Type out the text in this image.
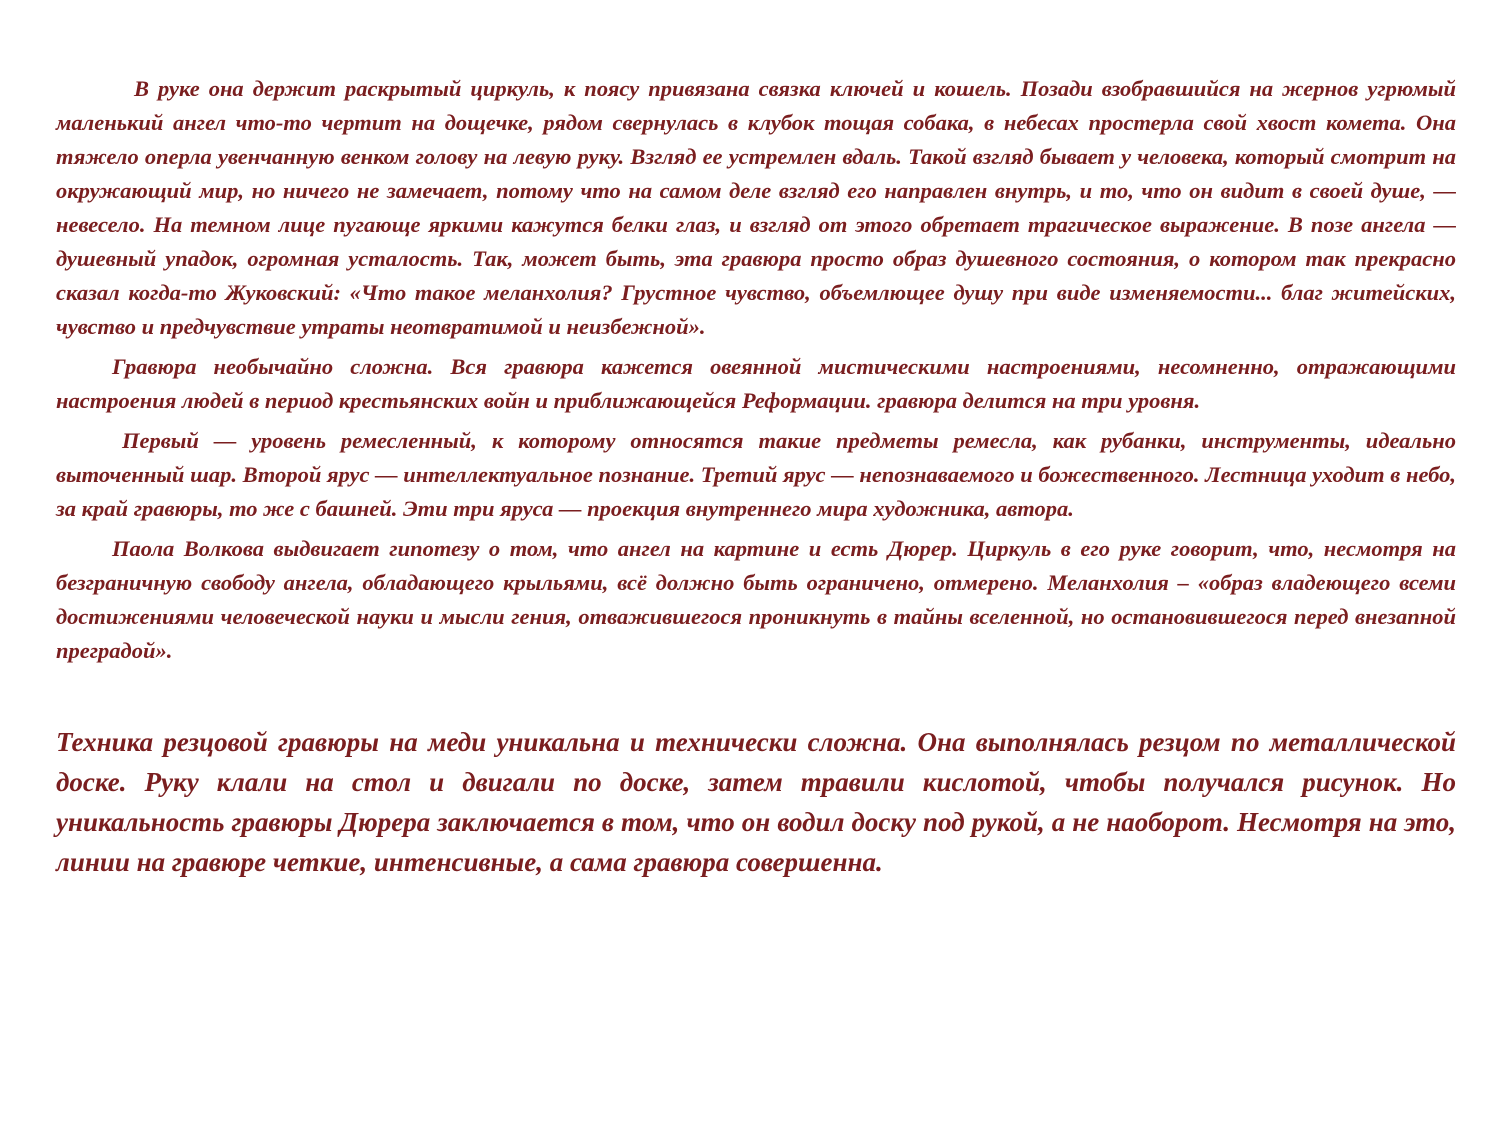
В руке она держит раскрытый циркуль, к поясу привязана связка ключей и кошель. Позади взобравшийся на жернов угрюмый маленький ангел что-то чертит на дощечке, рядом свернулась в клубок тощая собака, в небесах простерла свой хвост комета. Она тяжело оперла увенчанную венком голову на левую руку. Взгляд ее устремлен вдаль. Такой взгляд бывает у человека, который смотрит на окружающий мир, но ничего не замечает, потому что на самом деле взгляд его направлен внутрь, и то, что он видит в своей душе, — невесело. На темном лице пугающе яркими кажутся белки глаз, и взгляд от этого обретает трагическое выражение. В позе ангела — душевный упадок, огромная усталость. Так, может быть, эта гравюра просто образ душевного состояния, о котором так прекрасно сказал когда-то Жуковский: «Что такое меланхолия? Грустное чувство, объемлющее душу при виде изменяемости... благ житейских, чувство и предчувствие утраты неотвратимой и неизбежной».

Гравюра необычайно сложна. Вся гравюра кажется овеянной мистическими настроениями, несомненно, отражающими настроения людей в период крестьянских войн и приближающейся Реформации. гравюра делится на три уровня.

Первый — уровень ремесленный, к которому относятся такие предметы ремесла, как рубанки, инструменты, идеально выточенный шар. Второй ярус — интеллектуальное познание. Третий ярус — непознаваемого и божественного. Лестница уходит в небо, за край гравюры, то же с башней. Эти три яруса — проекция внутреннего мира художника, автора.

Паола Волкова выдвигает гипотезу о том, что ангел на картине и есть Дюрер. Циркуль в его руке говорит, что, несмотря на безграничную свободу ангела, обладающего крыльями, всё должно быть ограничено, отмерено. Меланхолия – «образ владеющего всеми достижениями человеческой науки и мысли гения, отважившегося проникнуть в тайны вселенной, но остановившегося перед внезапной преградой».

Техника резцовой гравюры на меди уникальна и технически сложна. Она выполнялась резцом по металлической доске. Руку клали на стол и двигали по доске, затем травили кислотой, чтобы получался рисунок. Но уникальность гравюры Дюрера заключается в том, что он водил доску под рукой, а не наоборот. Несмотря на это, линии на гравюре четкие, интенсивные, а сама гравюра совершенна.
